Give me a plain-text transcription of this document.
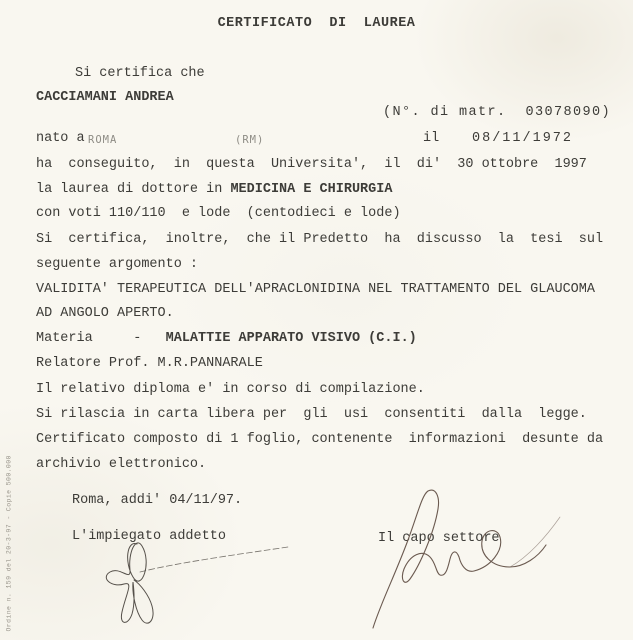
CERTIFICATO  DI  LAUREA
Si certifica che
CACCIAMANI ANDREA
(N°. di matr.  03078090)
nato a ROMA	(RM)	il 08/11/1972
ha  conseguito,  in  questa  Universita',  il  di'  30 ottobre  1997
la laurea di dottore in MEDICINA E CHIRURGIA
con voti 110/110  e lode  (centodieci e lode)
Si  certifica,  inoltre,  che il Predetto  ha  discusso  la  tesi  sul
seguente argomento :
VALIDITA' TERAPEUTICA DELL'APRACLONIDINA NEL TRATTAMENTO DEL GLAUCOMA
AD ANGOLO APERTO.
Materia     -   MALATTIE APPARATO VISIVO (C.I.)
Relatore Prof. M.R.PANNARALE
Il relativo diploma e' in corso di compilazione.
Si rilascia in carta libera per  gli  usi  consentiti  dalla  legge.
Certificato composto di 1 foglio, contenente  informazioni  desunte da
archivio elettronico.
Roma, addi' 04/11/97.
L'impiegato addetto	Il capo settore
Ordine n. 159 del 20-3-97 - Copie 500.000
